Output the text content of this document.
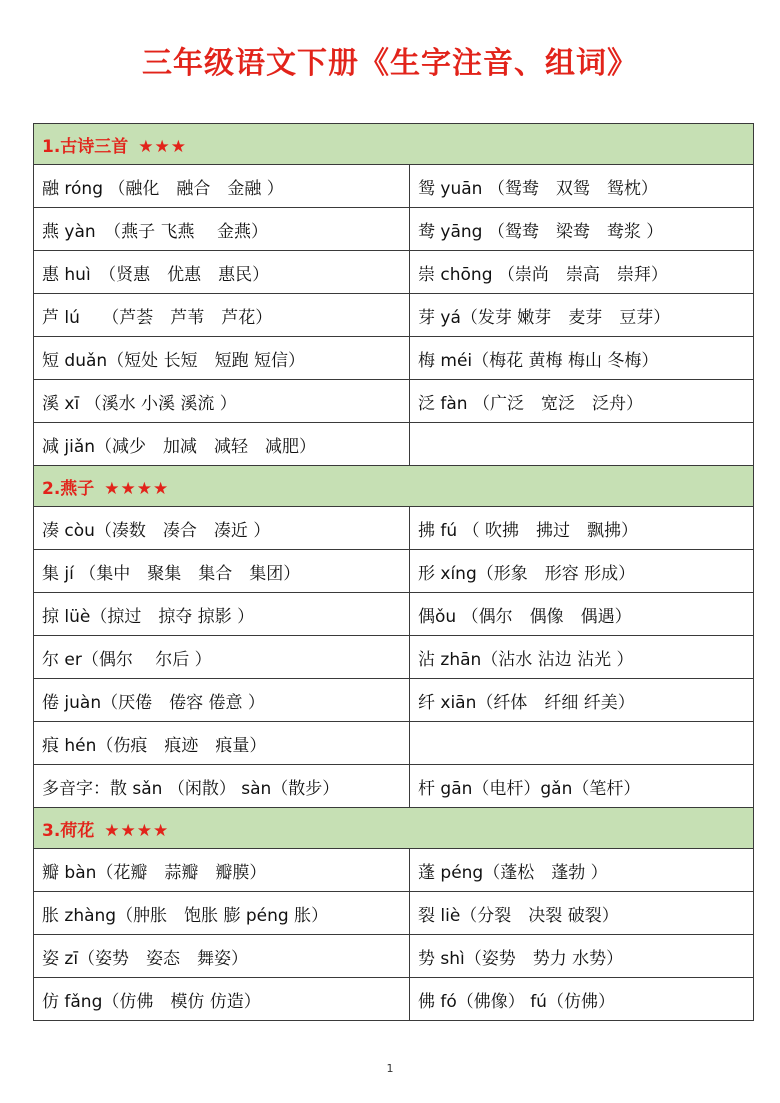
三年级语文下册《生字注音、组词》
1.古诗三首 ★★★	
融 róng （融化　融合　金融 ）	鸳 yuān （鸳鸯　双鸳　鸳枕）
燕 yàn　（燕子 飞燕　 金燕）	鸯 yāng （鸳鸯　梁鸯　鸯浆 ）
惠 huì　（贤惠　优惠　惠民）	崇 chōng （崇尚　崇高　崇拜）
芦 lú　 （芦荟　芦苇　芦花）	芽 yá（发芽 嫩芽　麦芽　豆芽）
短 duǎn（短处 长短　短跑 短信）	梅 méi（梅花 黄梅 梅山 冬梅）
溪 xī （溪水 小溪 溪流 ）	泛 fàn （广泛　宽泛　泛舟）
减 jiǎn（减少　加减　减轻　减肥）	
2.燕子 ★★★★	
凑 còu（凑数　凑合　凑近 ）	拂 fú （ 吹拂　拂过　飘拂）
集 jí （集中　聚集　集合　集团）	形 xíng（形象　形容 形成）
掠 lüè（掠过　掠夺 掠影 ）	偶ǒu （偶尔　偶像　偶遇）
尔 er（偶尔　 尔后 ）	沾 zhān（沾水 沾边 沾光 ）
倦 juàn（厌倦　倦容 倦意 ）	纤 xiān（纤体　纤细 纤美）
痕 hén（伤痕　痕迹　痕量）	
多音字：散 sǎn （闲散） sàn（散步）	杆 gān（电杆）gǎn（笔杆）
3.荷花 ★★★★	
瓣 bàn（花瓣　蒜瓣　瓣膜）	蓬 péng（蓬松　蓬勃 ）
胀 zhàng（肿胀　饱胀 膨 péng 胀）	裂 liè（分裂　决裂 破裂）
姿 zī（姿势　姿态　舞姿）	势 shì（姿势　势力 水势）
仿 fǎng（仿佛　模仿 仿造）	佛 fó（佛像） fú（仿佛）
1
